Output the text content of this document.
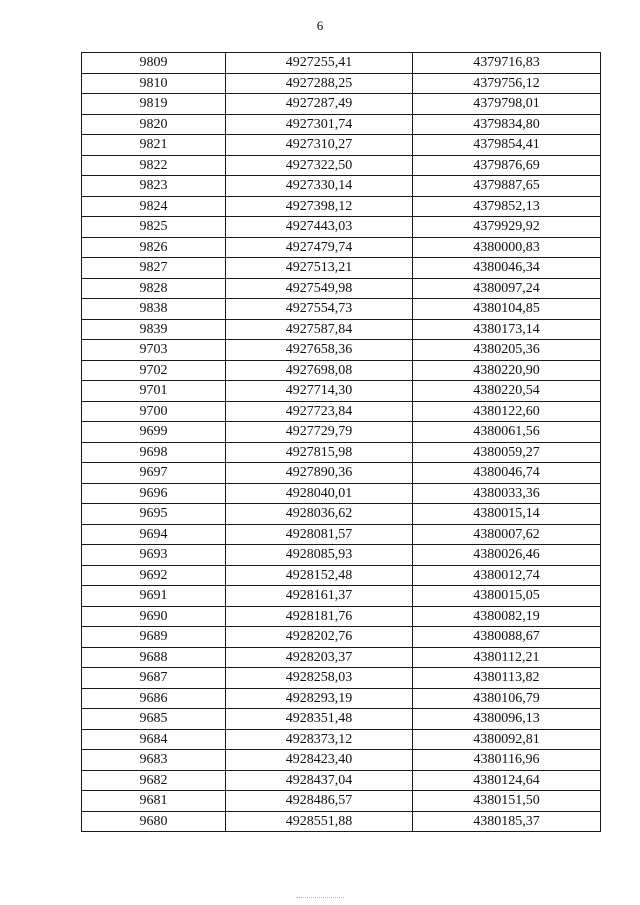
6
9809	4927255,41	4379716,83
9810	4927288,25	4379756,12
9819	4927287,49	4379798,01
9820	4927301,74	4379834,80
9821	4927310,27	4379854,41
9822	4927322,50	4379876,69
9823	4927330,14	4379887,65
9824	4927398,12	4379852,13
9825	4927443,03	4379929,92
9826	4927479,74	4380000,83
9827	4927513,21	4380046,34
9828	4927549,98	4380097,24
9838	4927554,73	4380104,85
9839	4927587,84	4380173,14
9703	4927658,36	4380205,36
9702	4927698,08	4380220,90
9701	4927714,30	4380220,54
9700	4927723,84	4380122,60
9699	4927729,79	4380061,56
9698	4927815,98	4380059,27
9697	4927890,36	4380046,74
9696	4928040,01	4380033,36
9695	4928036,62	4380015,14
9694	4928081,57	4380007,62
9693	4928085,93	4380026,46
9692	4928152,48	4380012,74
9691	4928161,37	4380015,05
9690	4928181,76	4380082,19
9689	4928202,76	4380088,67
9688	4928203,37	4380112,21
9687	4928258,03	4380113,82
9686	4928293,19	4380106,79
9685	4928351,48	4380096,13
9684	4928373,12	4380092,81
9683	4928423,40	4380116,96
9682	4928437,04	4380124,64
9681	4928486,57	4380151,50
9680	4928551,88	4380185,37
